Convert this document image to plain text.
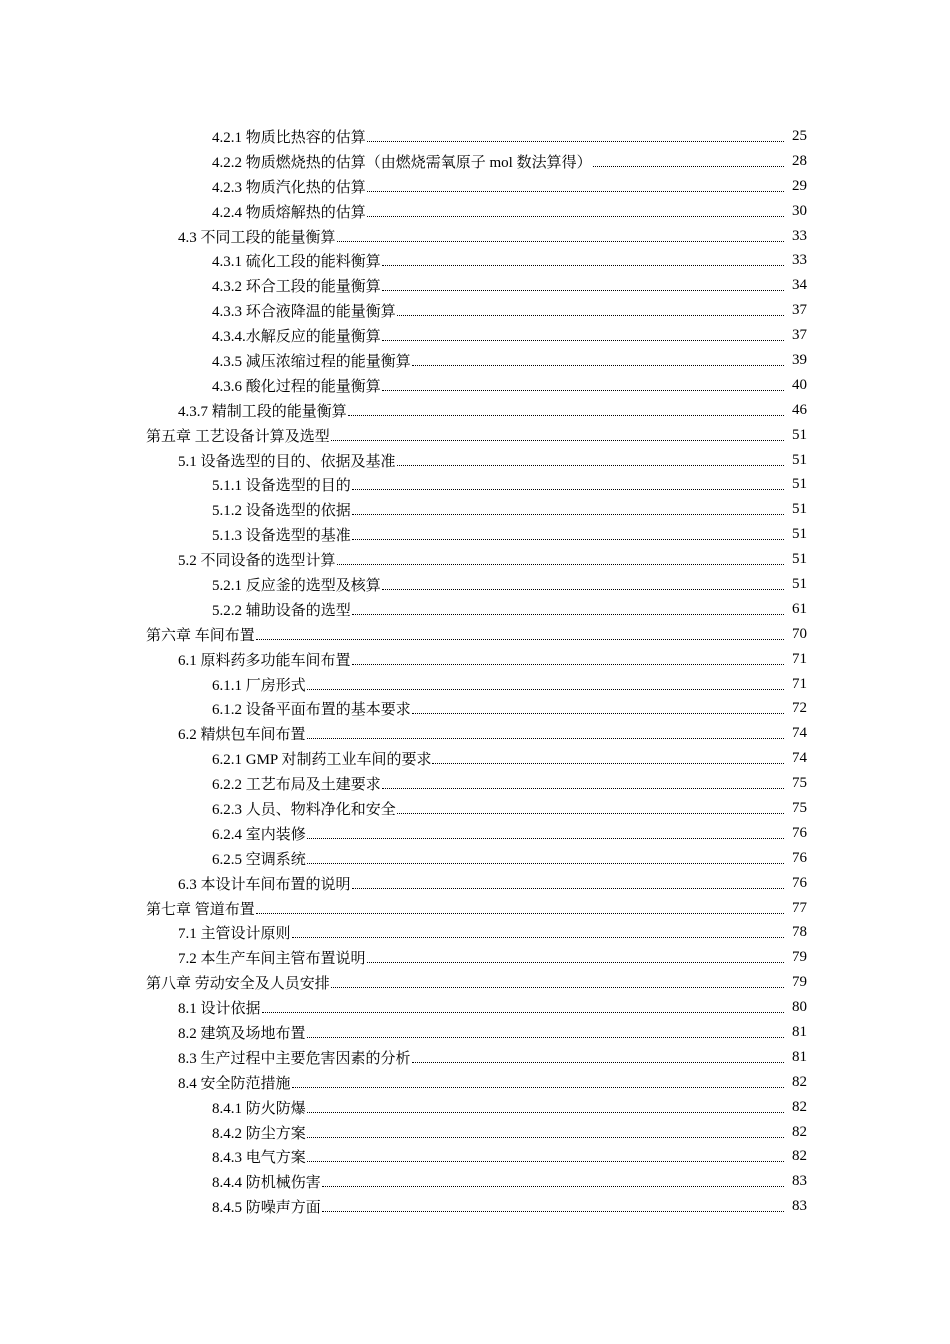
4.2.1 物质比热容的估算	25
4.2.2 物质燃烧热的估算（由燃烧需氧原子 mol 数法算得）	28
4.2.3 物质汽化热的估算	29
4.2.4 物质熔解热的估算	30
4.3 不同工段的能量衡算	33
4.3.1 硫化工段的能料衡算	33
4.3.2 环合工段的能量衡算	34
4.3.3 环合液降温的能量衡算	37
4.3.4.水解反应的能量衡算	37
4.3.5 减压浓缩过程的能量衡算	39
4.3.6 酸化过程的能量衡算	40
4.3.7 精制工段的能量衡算	46
第五章 工艺设备计算及选型	51
5.1 设备选型的目的、依据及基准	51
5.1.1 设备选型的目的	51
5.1.2 设备选型的依据	51
5.1.3 设备选型的基准	51
5.2 不同设备的选型计算	51
5.2.1 反应釜的选型及核算	51
5.2.2 辅助设备的选型	61
第六章 车间布置	70
6.1 原料药多功能车间布置	71
6.1.1 厂房形式	71
6.1.2 设备平面布置的基本要求	72
6.2 精烘包车间布置	74
6.2.1 GMP 对制药工业车间的要求	74
6.2.2 工艺布局及土建要求	75
6.2.3 人员、物料净化和安全	75
6.2.4 室内装修	76
6.2.5 空调系统	76
6.3 本设计车间布置的说明	76
第七章 管道布置	77
7.1 主管设计原则	78
7.2 本生产车间主管布置说明	79
第八章 劳动安全及人员安排	79
8.1 设计依据	80
8.2 建筑及场地布置	81
8.3 生产过程中主要危害因素的分析	81
8.4 安全防范措施	82
8.4.1 防火防爆	82
8.4.2 防尘方案	82
8.4.3 电气方案	82
8.4.4 防机械伤害	83
8.4.5 防噪声方面	83
